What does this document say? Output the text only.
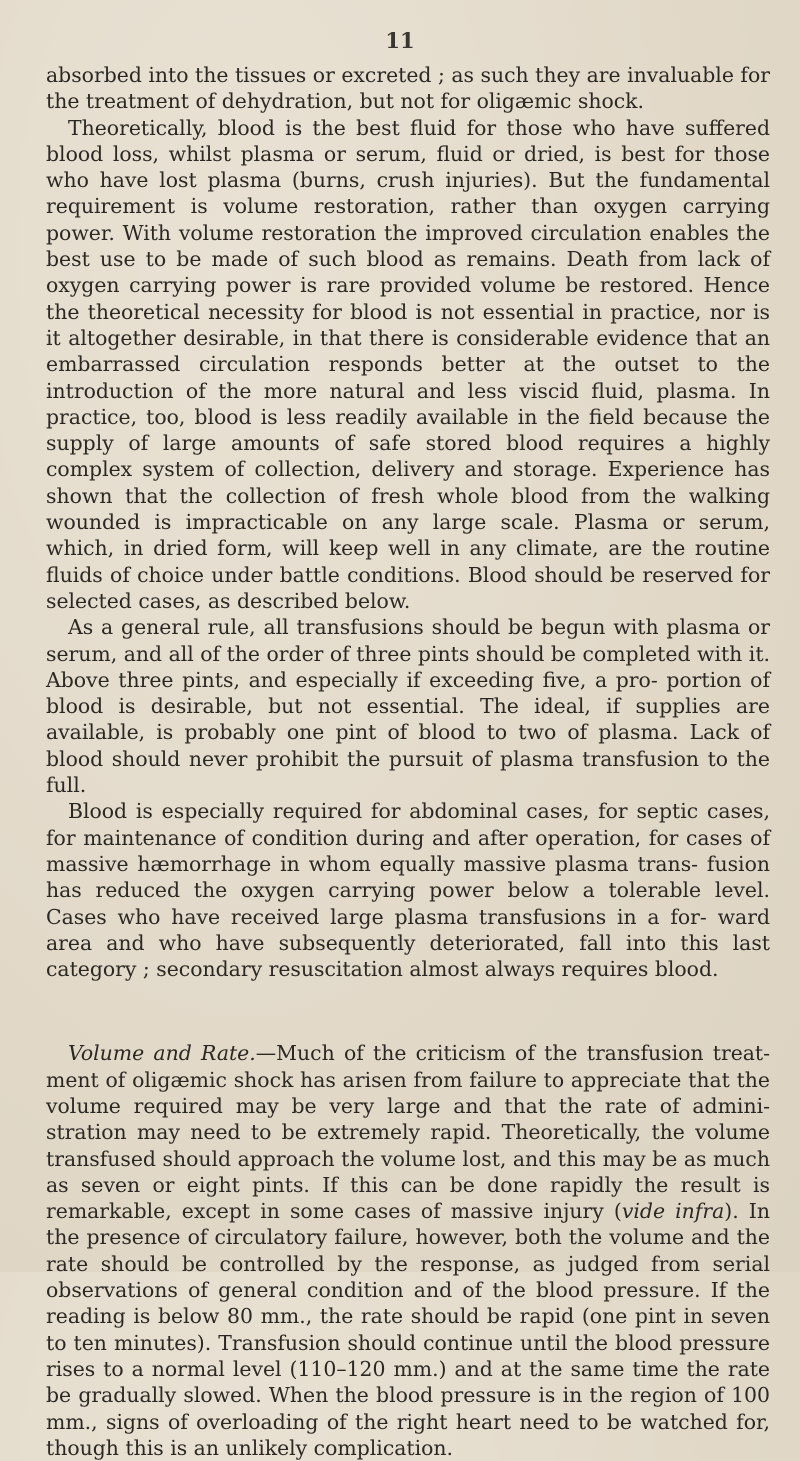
11

absorbed into the tissues or excreted ; as such they are invaluable for the treatment of dehydration, but not for oligæmic shock.

Theoretically, blood is the best fluid for those who have suffered blood loss, whilst plasma or serum, fluid or dried, is best for those who have lost plasma (burns, crush injuries). But the fundamental requirement is volume restoration, rather than oxygen carrying power. With volume restoration the improved circulation enables the best use to be made of such blood as remains. Death from lack of oxygen carrying power is rare provided volume be restored. Hence the theoretical necessity for blood is not essential in practice, nor is it altogether desirable, in that there is considerable evidence that an embarrassed circulation responds better at the outset to the introduction of the more natural and less viscid fluid, plasma. In practice, too, blood is less readily available in the field because the supply of large amounts of safe stored blood requires a highly complex system of collection, delivery and storage. Experience has shown that the collection of fresh whole blood from the walking wounded is impracticable on any large scale. Plasma or serum, which, in dried form, will keep well in any climate, are the routine fluids of choice under battle conditions. Blood should be reserved for selected cases, as described below.

As a general rule, all transfusions should be begun with plasma or serum, and all of the order of three pints should be completed with it. Above three pints, and especially if exceeding five, a pro- portion of blood is desirable, but not essential. The ideal, if supplies are available, is probably one pint of blood to two of plasma. Lack of blood should never prohibit the pursuit of plasma transfusion to the full.

Blood is especially required for abdominal cases, for septic cases, for maintenance of condition during and after operation, for cases of massive hæmorrhage in whom equally massive plasma trans- fusion has reduced the oxygen carrying power below a tolerable level. Cases who have received large plasma transfusions in a for- ward area and who have subsequently deteriorated, fall into this last category ; secondary resuscitation almost always requires blood.

Volume and Rate.—Much of the criticism of the transfusion treat- ment of oligæmic shock has arisen from failure to appreciate that the volume required may be very large and that the rate of admini- stration may need to be extremely rapid. Theoretically, the volume transfused should approach the volume lost, and this may be as much as seven or eight pints. If this can be done rapidly the result is remarkable, except in some cases of massive injury (vide infra). In the presence of circulatory failure, however, both the volume and the rate should be controlled by the response, as judged from serial observations of general condition and of the blood pressure. If the reading is below 80 mm., the rate should be rapid (one pint in seven to ten minutes). Transfusion should continue until the blood pressure rises to a normal level (110–120 mm.) and at the same time the rate be gradually slowed. When the blood pressure is in the region of 100 mm., signs of overloading of the right heart need to be watched for, though this is an unlikely complication.
